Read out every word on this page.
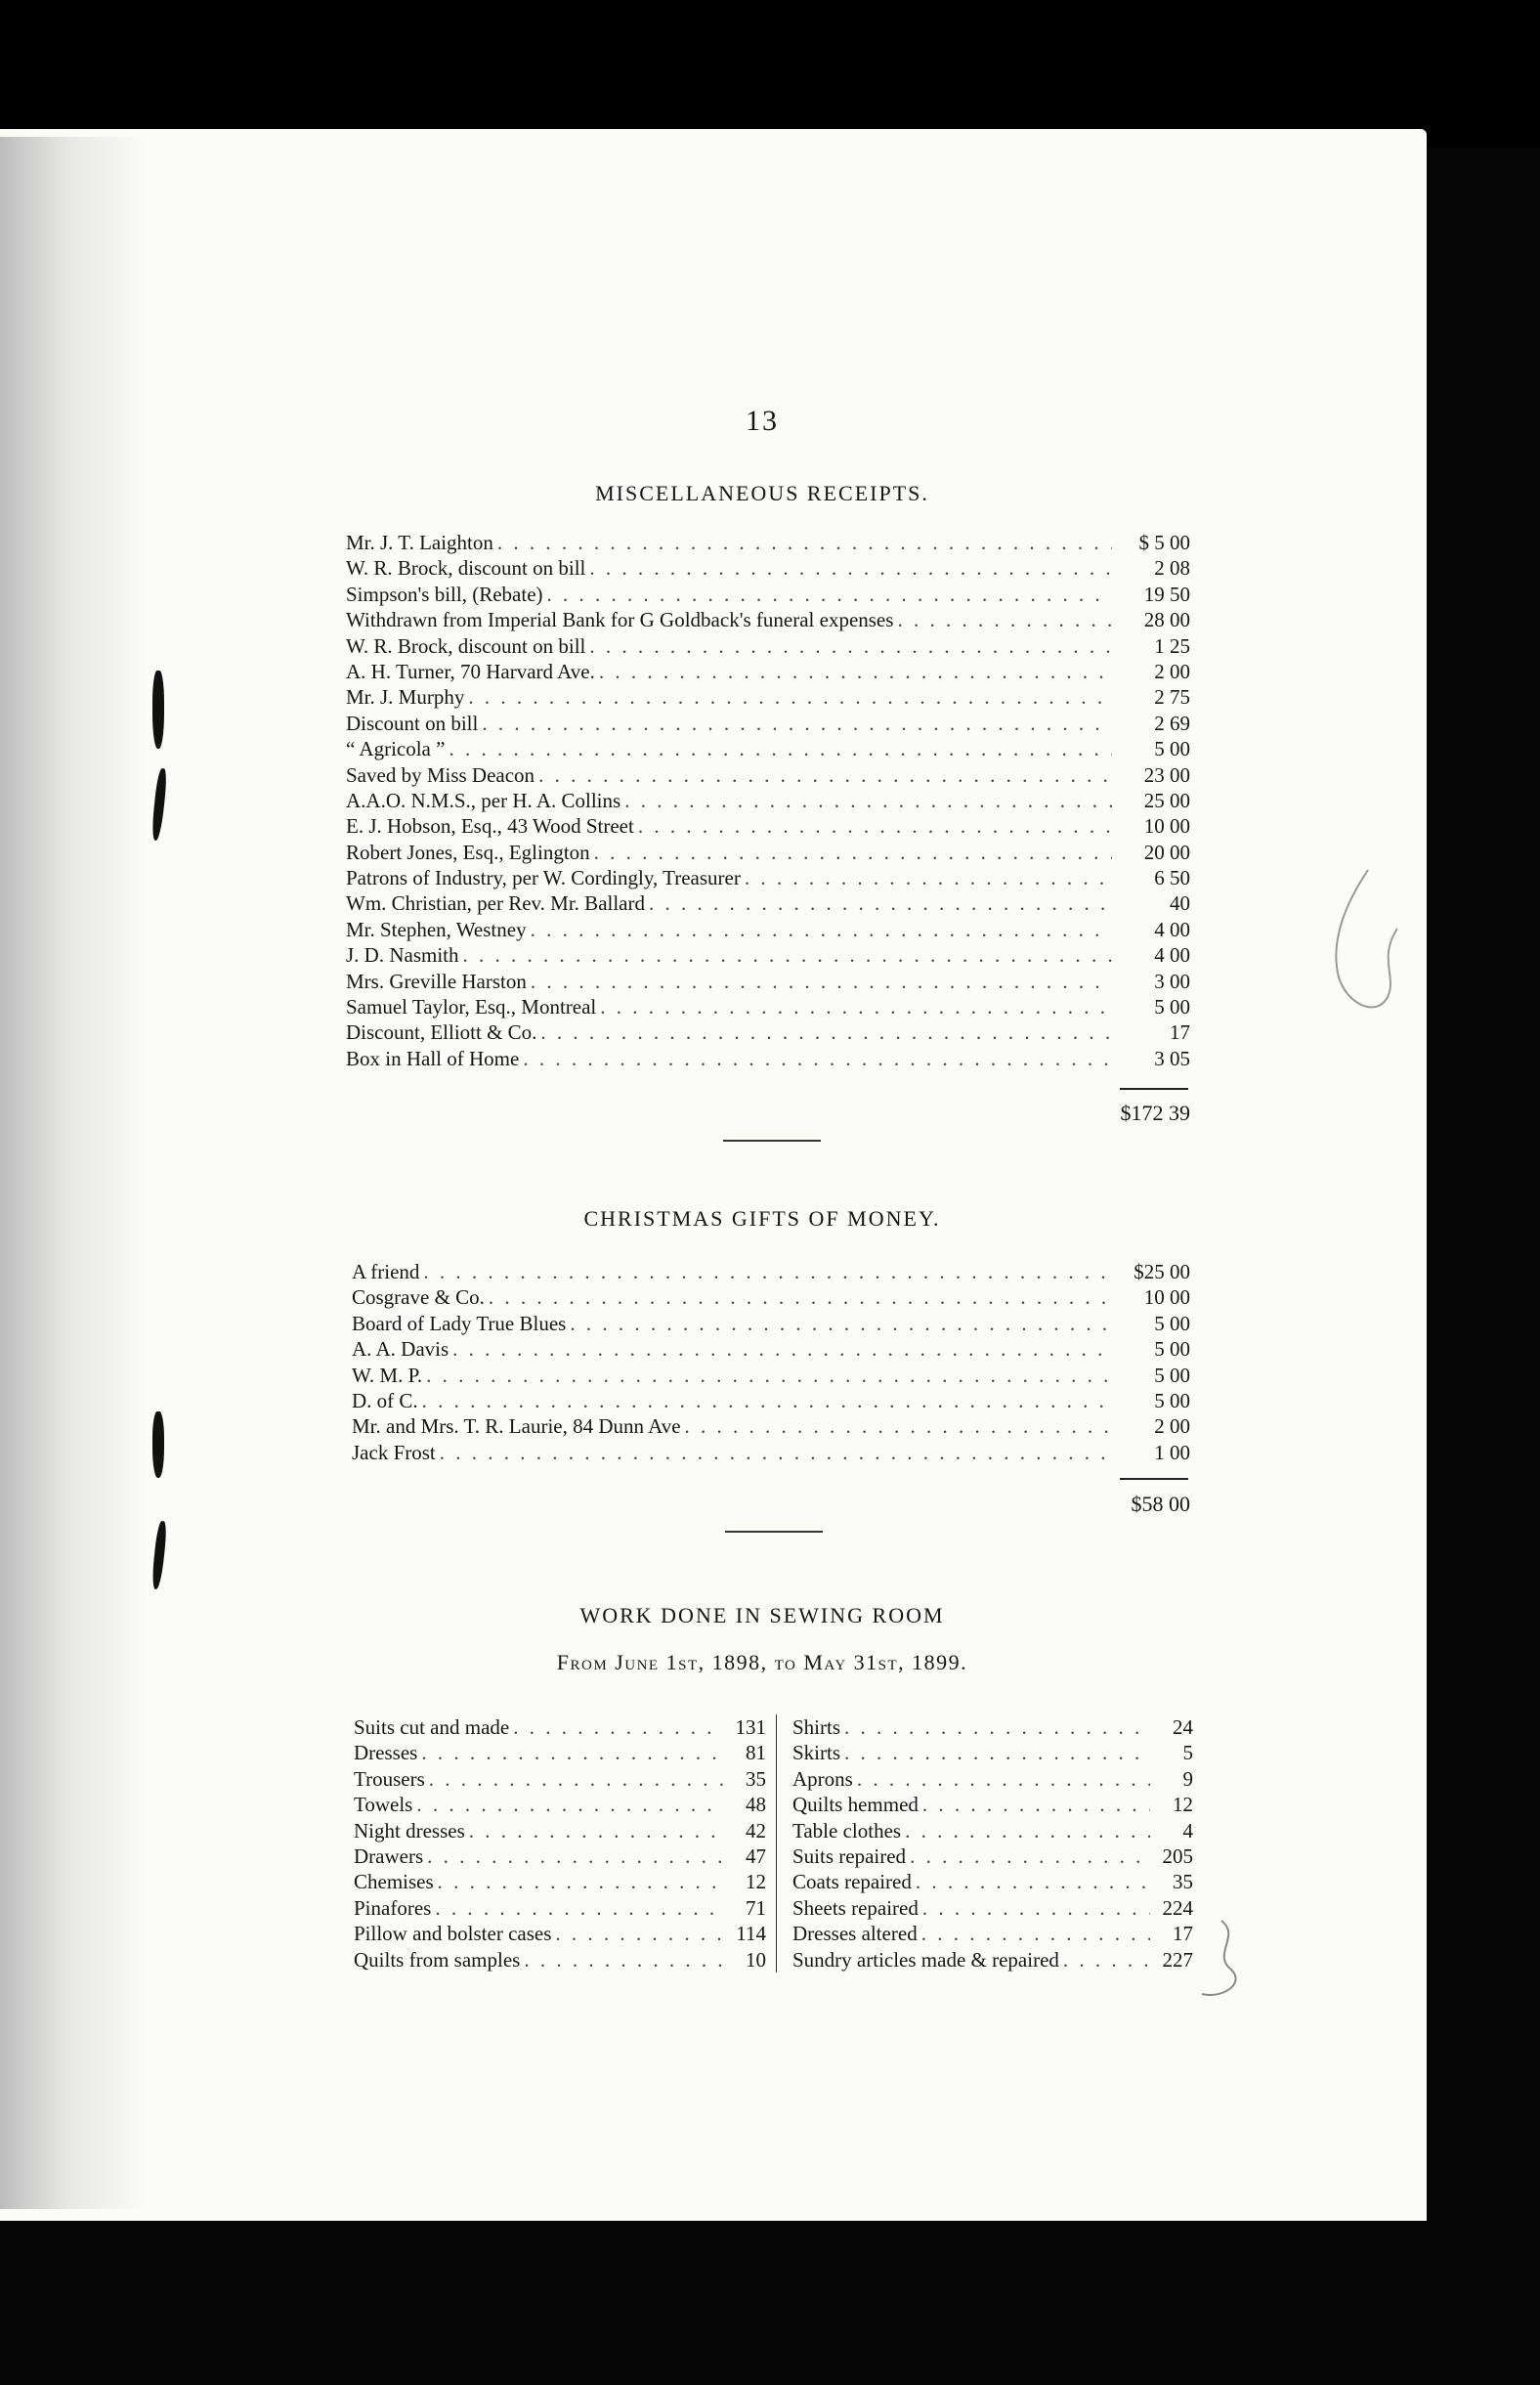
13
MISCELLANEOUS RECEIPTS.
Mr. J. T. Laighton . . .	$ 5 00
W. R. Brock, discount on bill . . .	2 08
Simpson's bill, (Rebate) . . .	19 50
Withdrawn from Imperial Bank for G Goldback's funeral expenses . . .	28 00
W. R. Brock, discount on bill . . .	1 25
A. H. Turner, 70 Harvard Ave. . . .	2 00
Mr. J. Murphy . . .	2 75
Discount on bill . . .	2 69
“ Agricola ” . . .	5 00
Saved by Miss Deacon . . .	23 00
A.A.O. N.M.S., per H. A. Collins . . .	25 00
E. J. Hobson, Esq., 43 Wood Street . . .	10 00
Robert Jones, Esq., Eglington . . .	20 00
Patrons of Industry, per W. Cordingly, Treasurer . . .	6 50
Wm. Christian, per Rev. Mr. Ballard . . .	40
Mr. Stephen, Westney . . .	4 00
J. D. Nasmith . . .	4 00
Mrs. Greville Harston . . .	3 00
Samuel Taylor, Esq., Montreal . . .	5 00
Discount, Elliott & Co. . . .	17
Box in Hall of Home . . .	3 05
$172 39
CHRISTMAS GIFTS OF MONEY.
A friend . . .	$25 00
Cosgrave & Co. . . .	10 00
Board of Lady True Blues . . .	5 00
A. A. Davis . . .	5 00
W. M. P. . . .	5 00
D. of C. . . .	5 00
Mr. and Mrs. T. R. Laurie, 84 Dunn Ave . . .	2 00
Jack Frost . . .	1 00
$58 00
WORK DONE IN SEWING ROOM
From June 1st, 1898, to May 31st, 1899.
Suits cut and made . . .	131
Dresses . . .	81
Trousers . . .	35
Towels . . .	48
Night dresses . . .	42
Drawers . . .	47
Chemises . . .	12
Pinafores . . .	71
Pillow and bolster cases . . .	114
Quilts from samples . . .	10
Shirts . . .	24
Skirts . . .	5
Aprons . . .	9
Quilts hemmed . . .	12
Table clothes . . .	4
Suits repaired . . .	205
Coats repaired . . .	35
Sheets repaired . . .	224
Dresses altered . . .	17
Sundry articles made & repaired . . .	227
